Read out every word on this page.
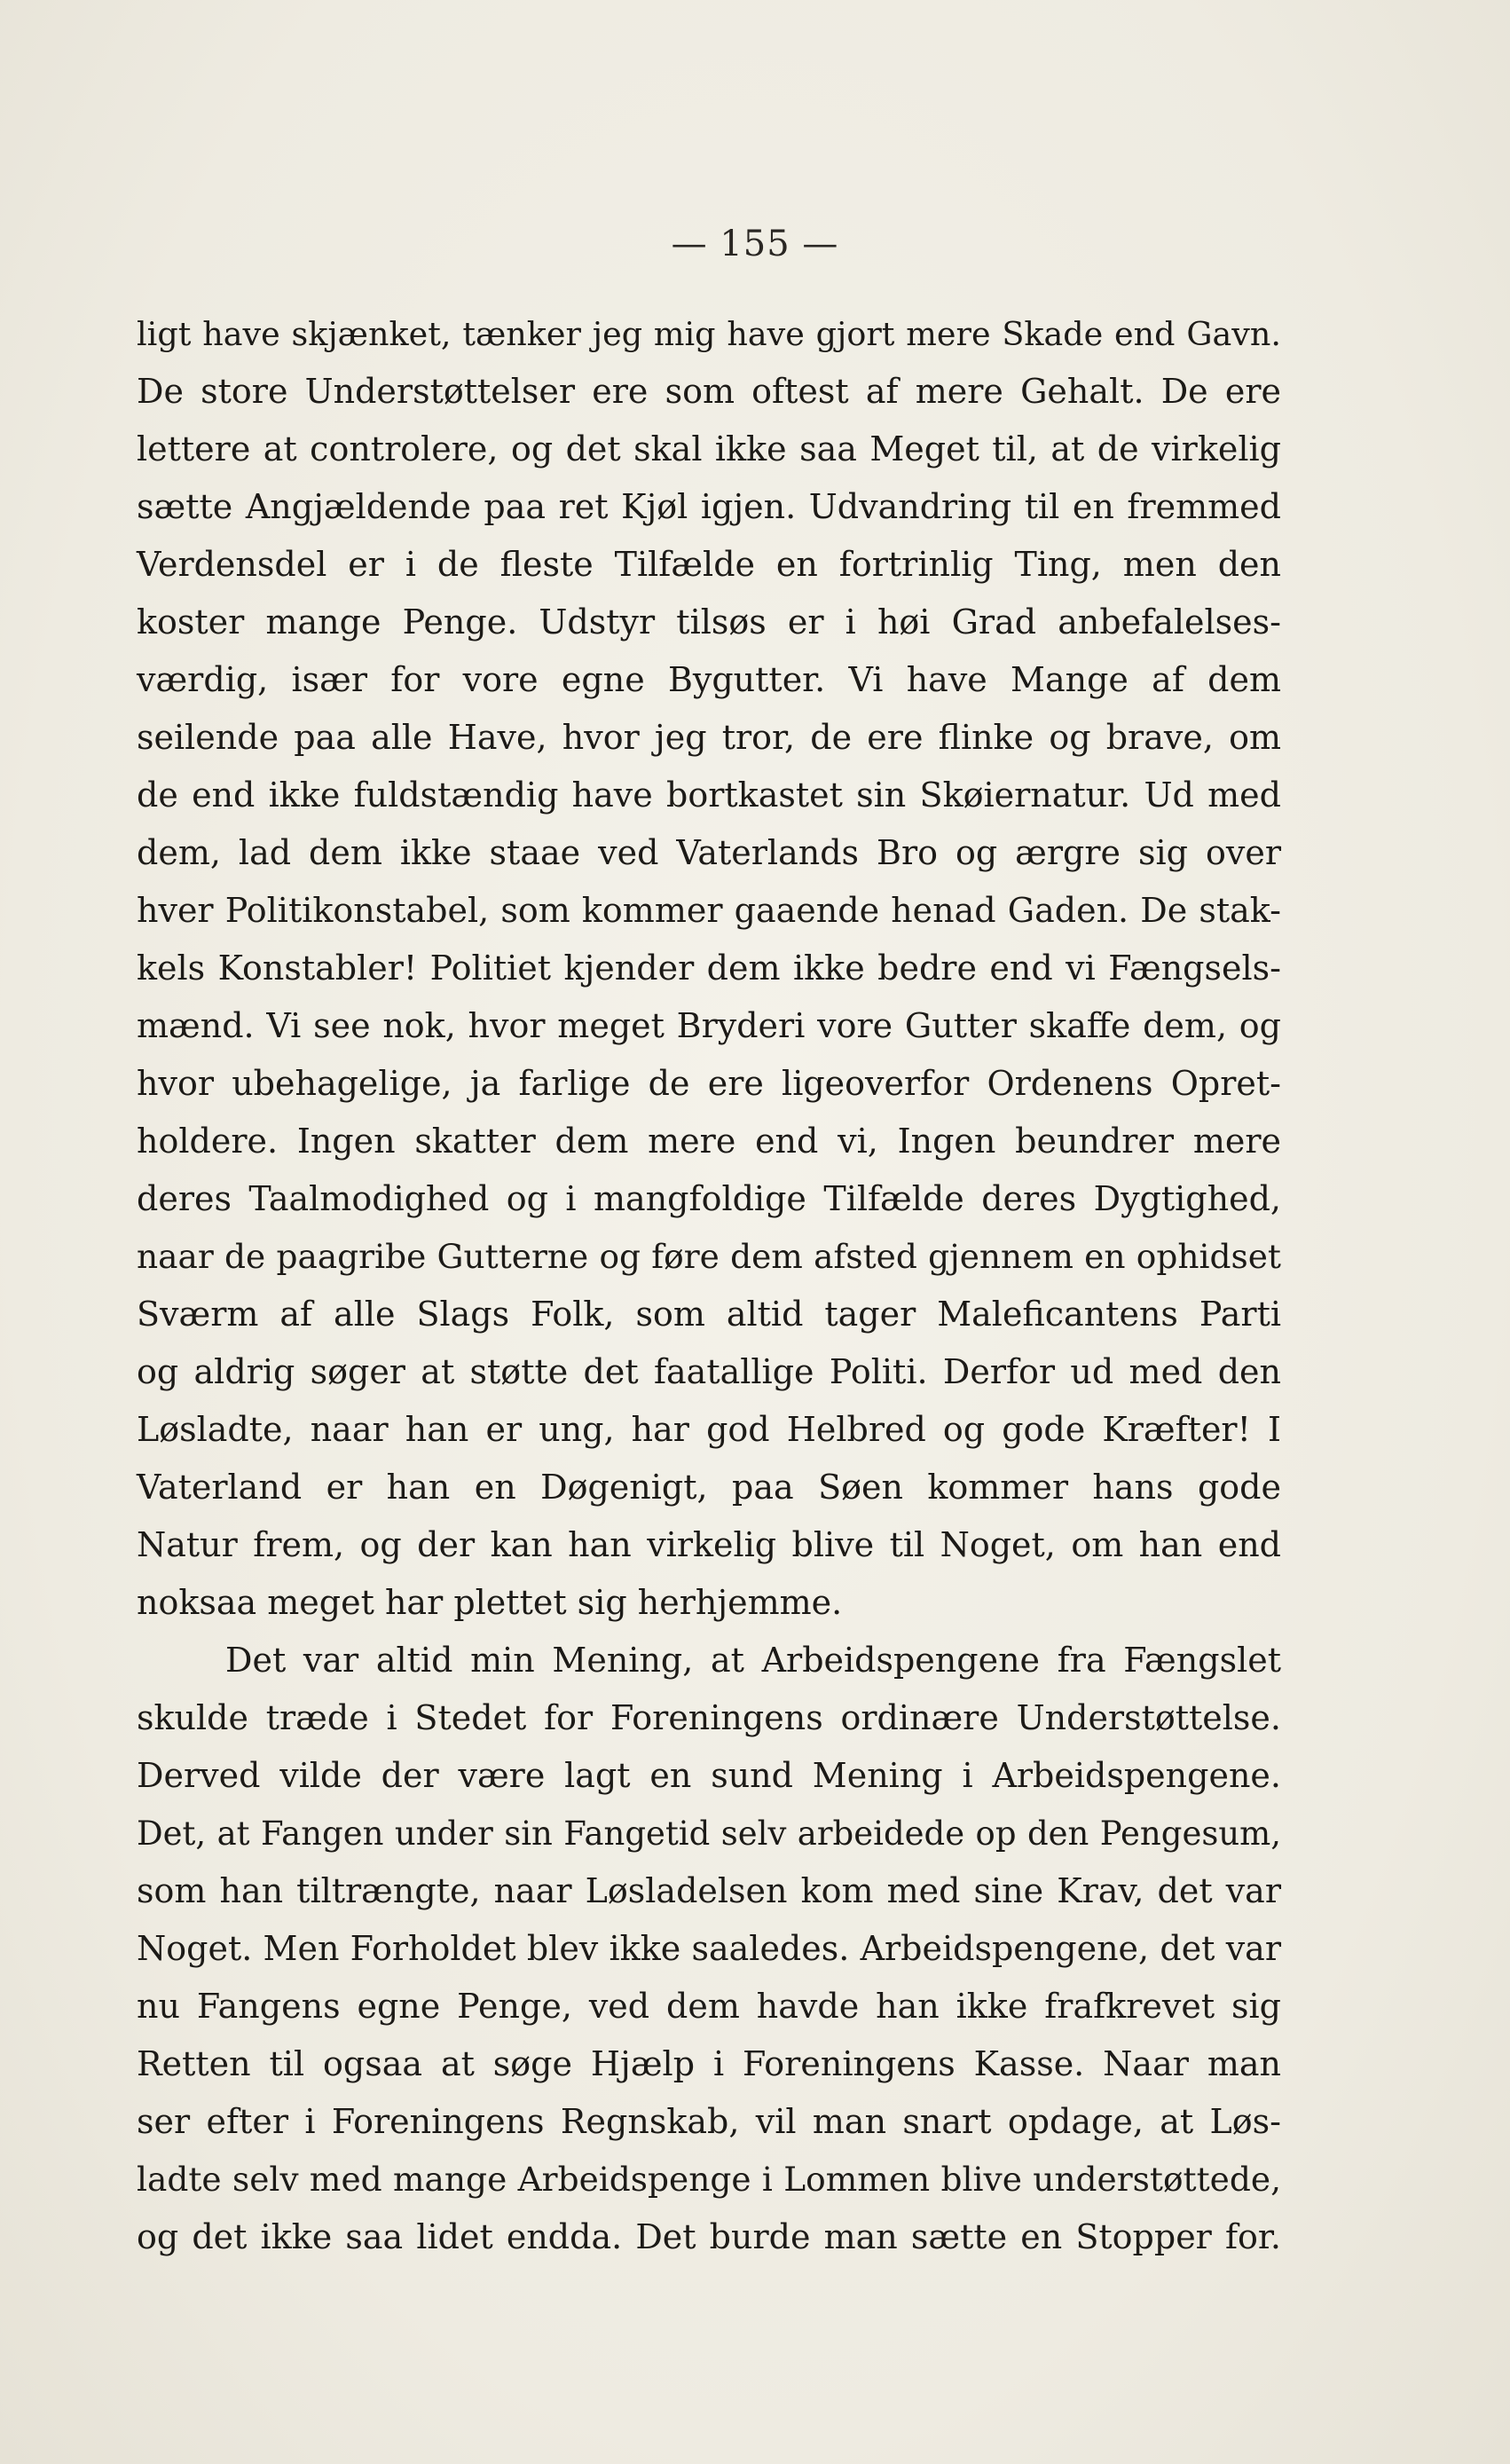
— 155 —
ligt have skjænket, tænker jeg mig have gjort mere Skade end Gavn.
De store Understøttelser ere som oftest af mere Gehalt. De ere
lettere at controlere, og det skal ikke saa Meget til, at de virkelig
sætte Angjældende paa ret Kjøl igjen. Udvandring til en fremmed
Verdensdel er i de fleste Tilfælde en fortrinlig Ting, men den
koster mange Penge. Udstyr tilsøs er i høi Grad anbefalelses-
værdig, især for vore egne Bygutter. Vi have Mange af dem
seilende paa alle Have, hvor jeg tror, de ere flinke og brave, om
de end ikke fuldstændig have bortkastet sin Skøiernatur. Ud med
dem, lad dem ikke staae ved Vaterlands Bro og ærgre sig over
hver Politikonstabel, som kommer gaaende henad Gaden. De stak-
kels Konstabler! Politiet kjender dem ikke bedre end vi Fængsels-
mænd. Vi see nok, hvor meget Bryderi vore Gutter skaffe dem, og
hvor ubehagelige, ja farlige de ere ligeoverfor Ordenens Opret-
holdere. Ingen skatter dem mere end vi, Ingen beundrer mere
deres Taalmodighed og i mangfoldige Tilfælde deres Dygtighed,
naar de paagribe Gutterne og føre dem afsted gjennem en ophidset
Sværm af alle Slags Folk, som altid tager Maleficantens Parti
og aldrig søger at støtte det faatallige Politi. Derfor ud med den
Løsladte, naar han er ung, har god Helbred og gode Kræfter! I
Vaterland er han en Døgenigt, paa Søen kommer hans gode
Natur frem, og der kan han virkelig blive til Noget, om han end
noksaa meget har plettet sig herhjemme.
Det var altid min Mening, at Arbeidspengene fra Fængslet
skulde træde i Stedet for Foreningens ordinære Understøttelse.
Derved vilde der være lagt en sund Mening i Arbeidspengene.
Det, at Fangen under sin Fangetid selv arbeidede op den Pengesum,
som han tiltrængte, naar Løsladelsen kom med sine Krav, det var
Noget. Men Forholdet blev ikke saaledes. Arbeidspengene, det var
nu Fangens egne Penge, ved dem havde han ikke frafkrevet sig
Retten til ogsaa at søge Hjælp i Foreningens Kasse. Naar man
ser efter i Foreningens Regnskab, vil man snart opdage, at Løs-
ladte selv med mange Arbeidspenge i Lommen blive understøttede,
og det ikke saa lidet endda. Det burde man sætte en Stopper for.
